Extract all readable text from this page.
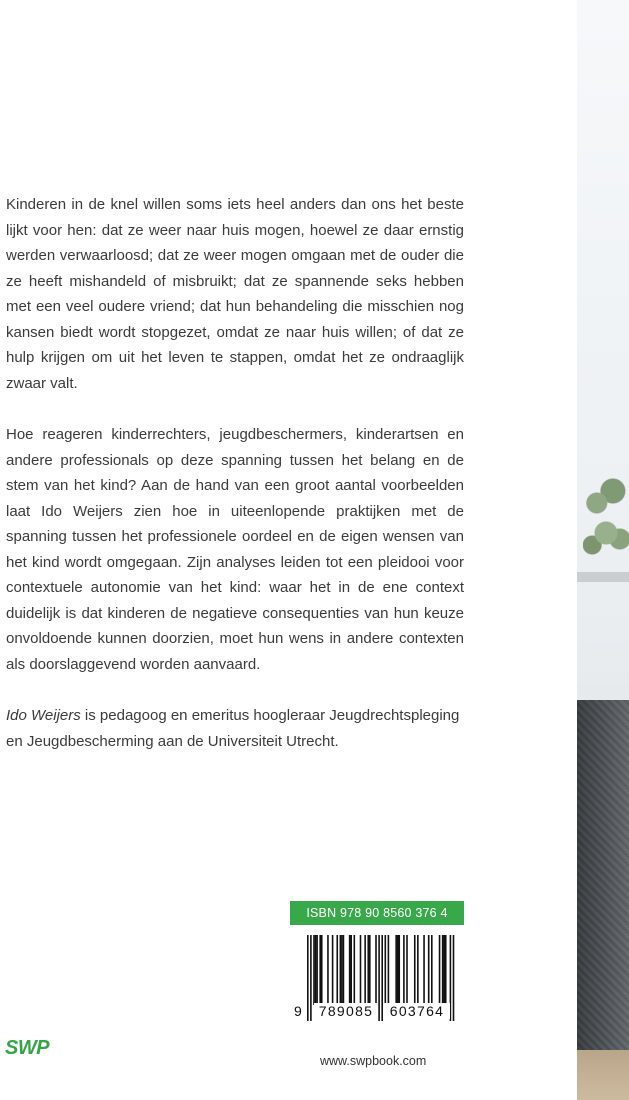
Kinderen in de knel willen soms iets heel anders dan ons het beste lijkt voor hen: dat ze weer naar huis mogen, hoewel ze daar ernstig werden verwaarloosd; dat ze weer mogen omgaan met de ouder die ze heeft mishandeld of misbruikt; dat ze spannende seks hebben met een veel oudere vriend; dat hun behandeling die misschien nog kansen biedt wordt stopgezet, omdat ze naar huis willen; of dat ze hulp krijgen om uit het leven te stappen, omdat het ze ondraaglijk zwaar valt.

Hoe reageren kinderrechters, jeugdbeschermers, kinderartsen en andere professionals op deze spanning tussen het belang en de stem van het kind? Aan de hand van een groot aantal voorbeelden laat Ido Weijers zien hoe in uiteenlopende praktijken met de spanning tussen het professionele oordeel en de eigen wensen van het kind wordt omgegaan. Zijn analyses leiden tot een pleidooi voor contextuele autonomie van het kind: waar het in de ene context duidelijk is dat kinderen de negatieve consequenties van hun keuze onvoldoende kunnen doorzien, moet hun wens in andere contexten als doorslaggevend worden aanvaard.

Ido Weijers is pedagoog en emeritus hoogleraar Jeugdrechtspleging en Jeugdbescherming aan de Universiteit Utrecht.

ISBN 978 90 8560 376 4
9	789085	603764
SWP
www.swpbook.com
